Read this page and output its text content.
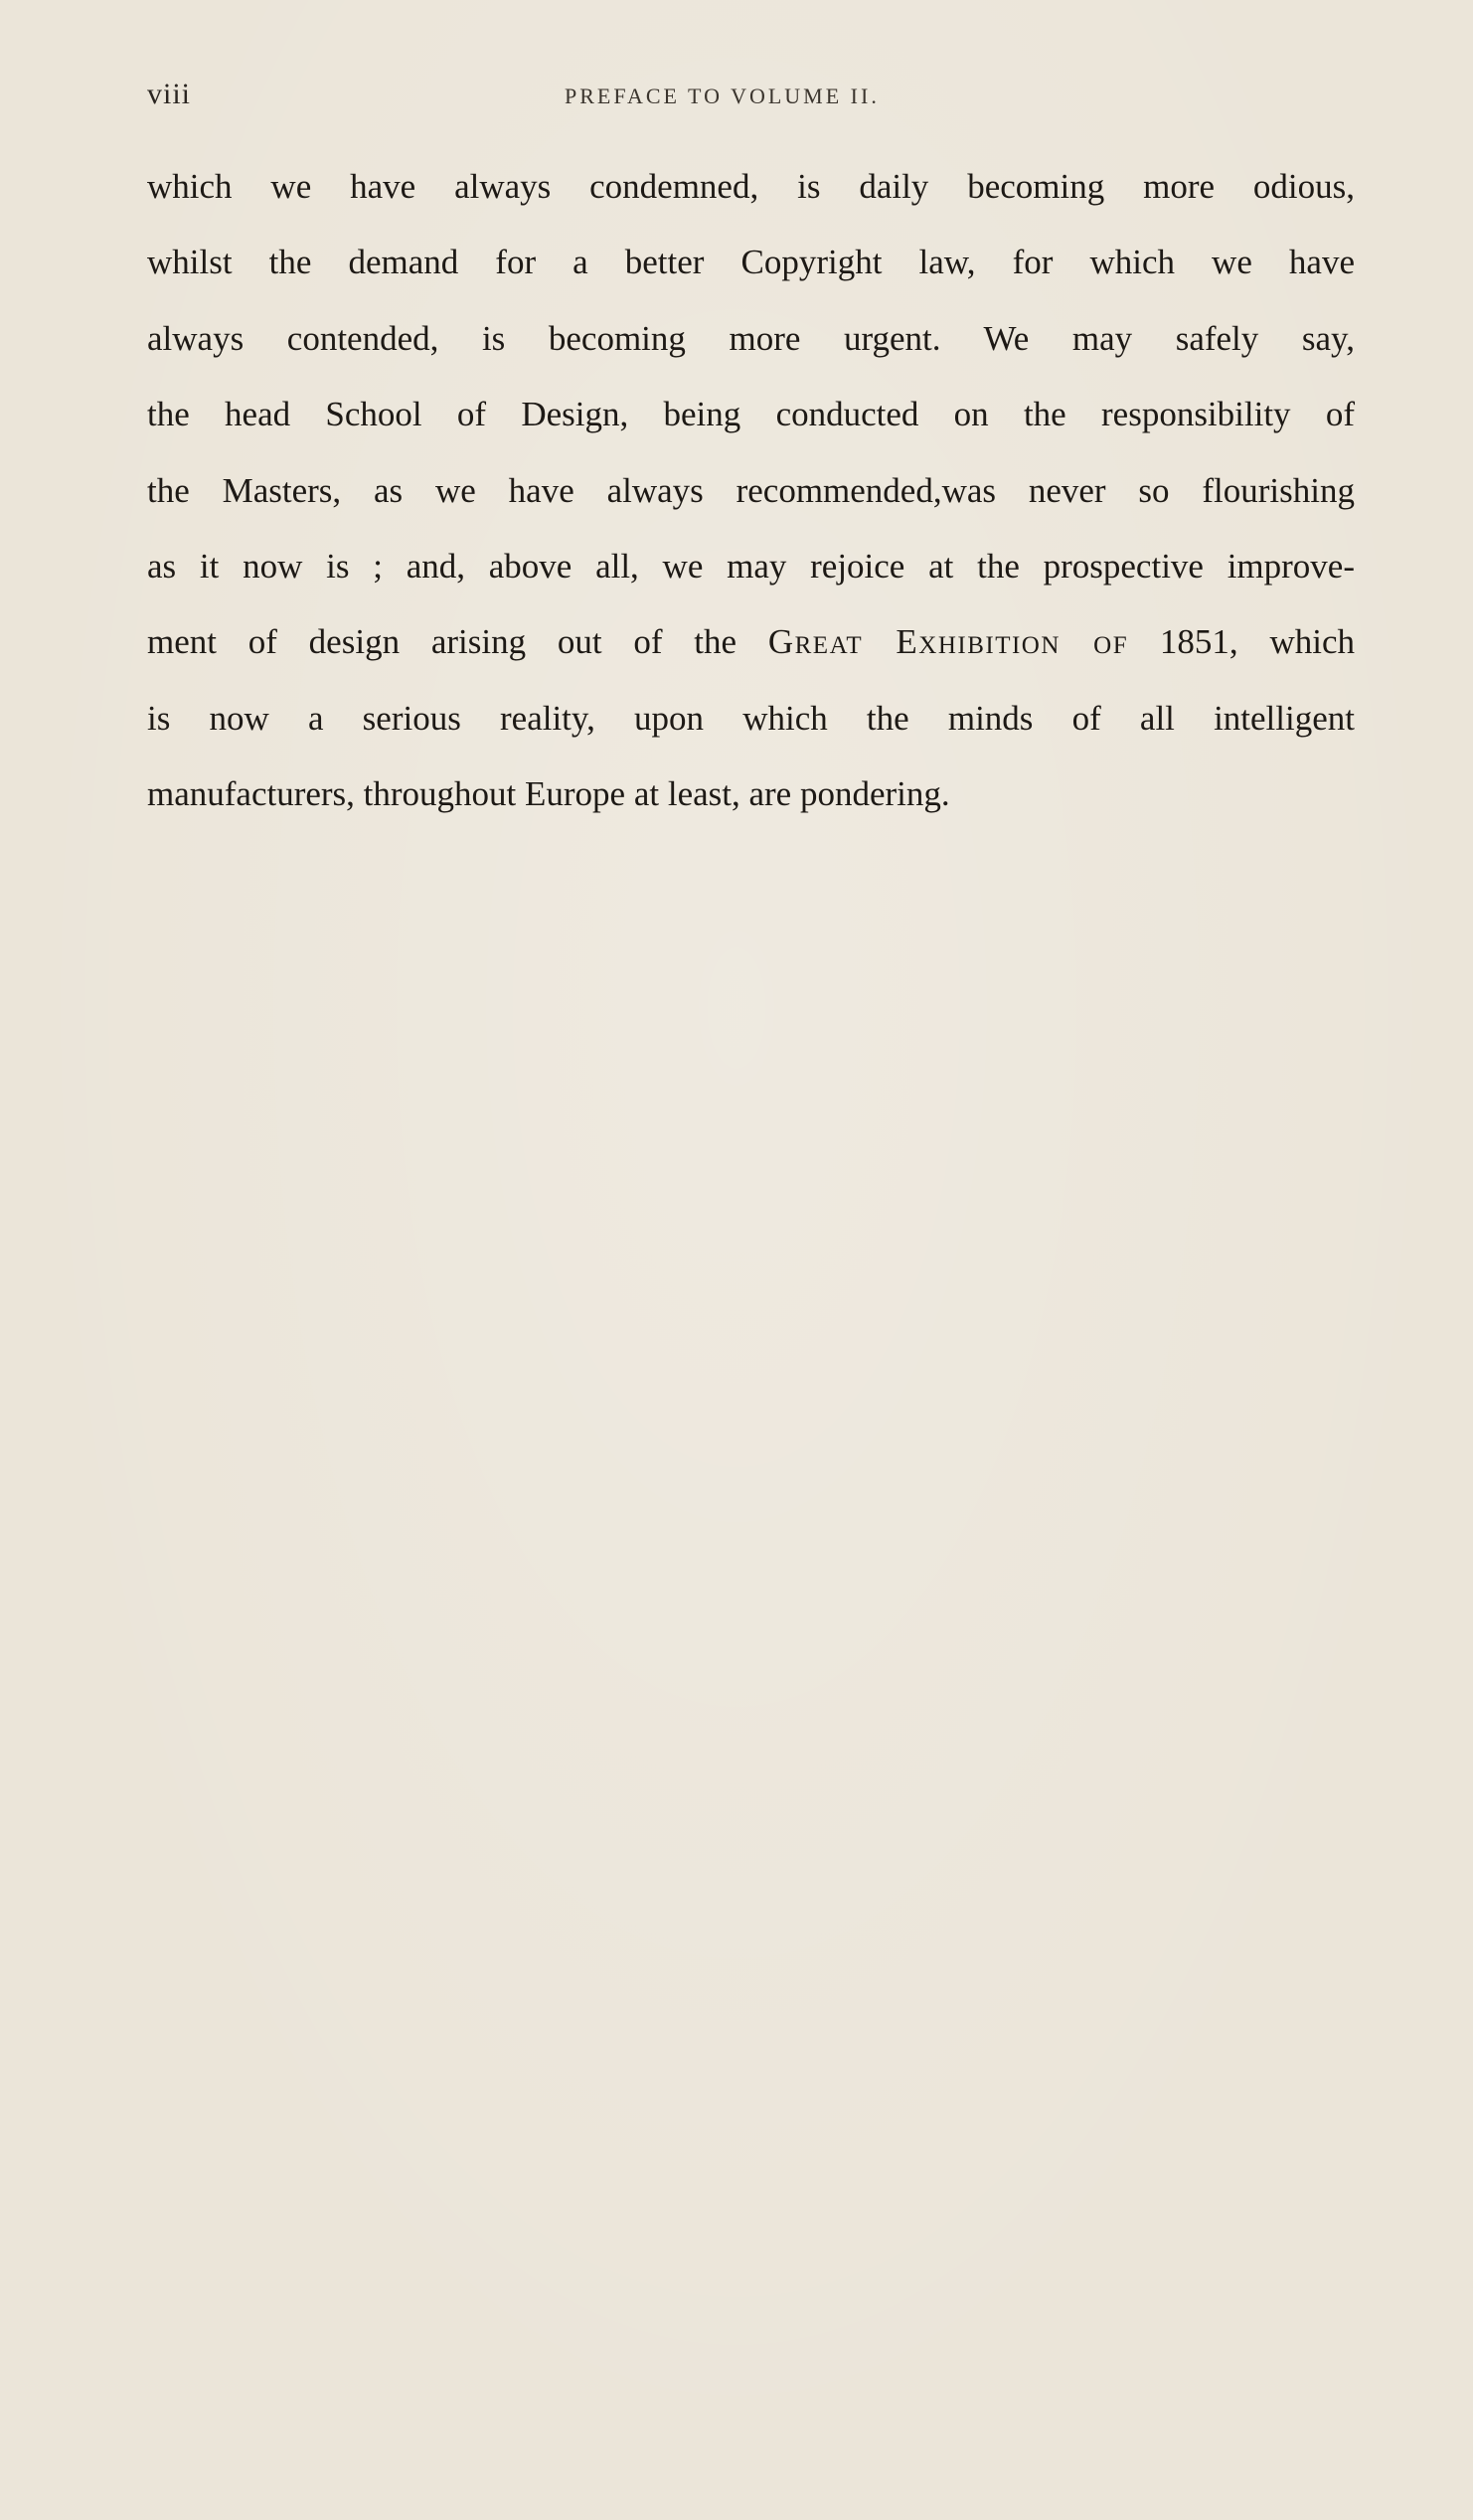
viii	PREFACE TO VOLUME II.
which we have always condemned, is daily becoming more odious,
whilst the demand for a better Copyright law, for which we have
always contended, is becoming more urgent. We may safely say,
the head School of Design, being conducted on the responsibility of
the Masters, as we have always recommended,was never so flourishing
as it now is ; and, above all, we may rejoice at the prospective improve-
ment of design arising out of the Great Exhibition of 1851, which
is now a serious reality, upon which the minds of all intelligent
manufacturers, throughout Europe at least, are pondering.
